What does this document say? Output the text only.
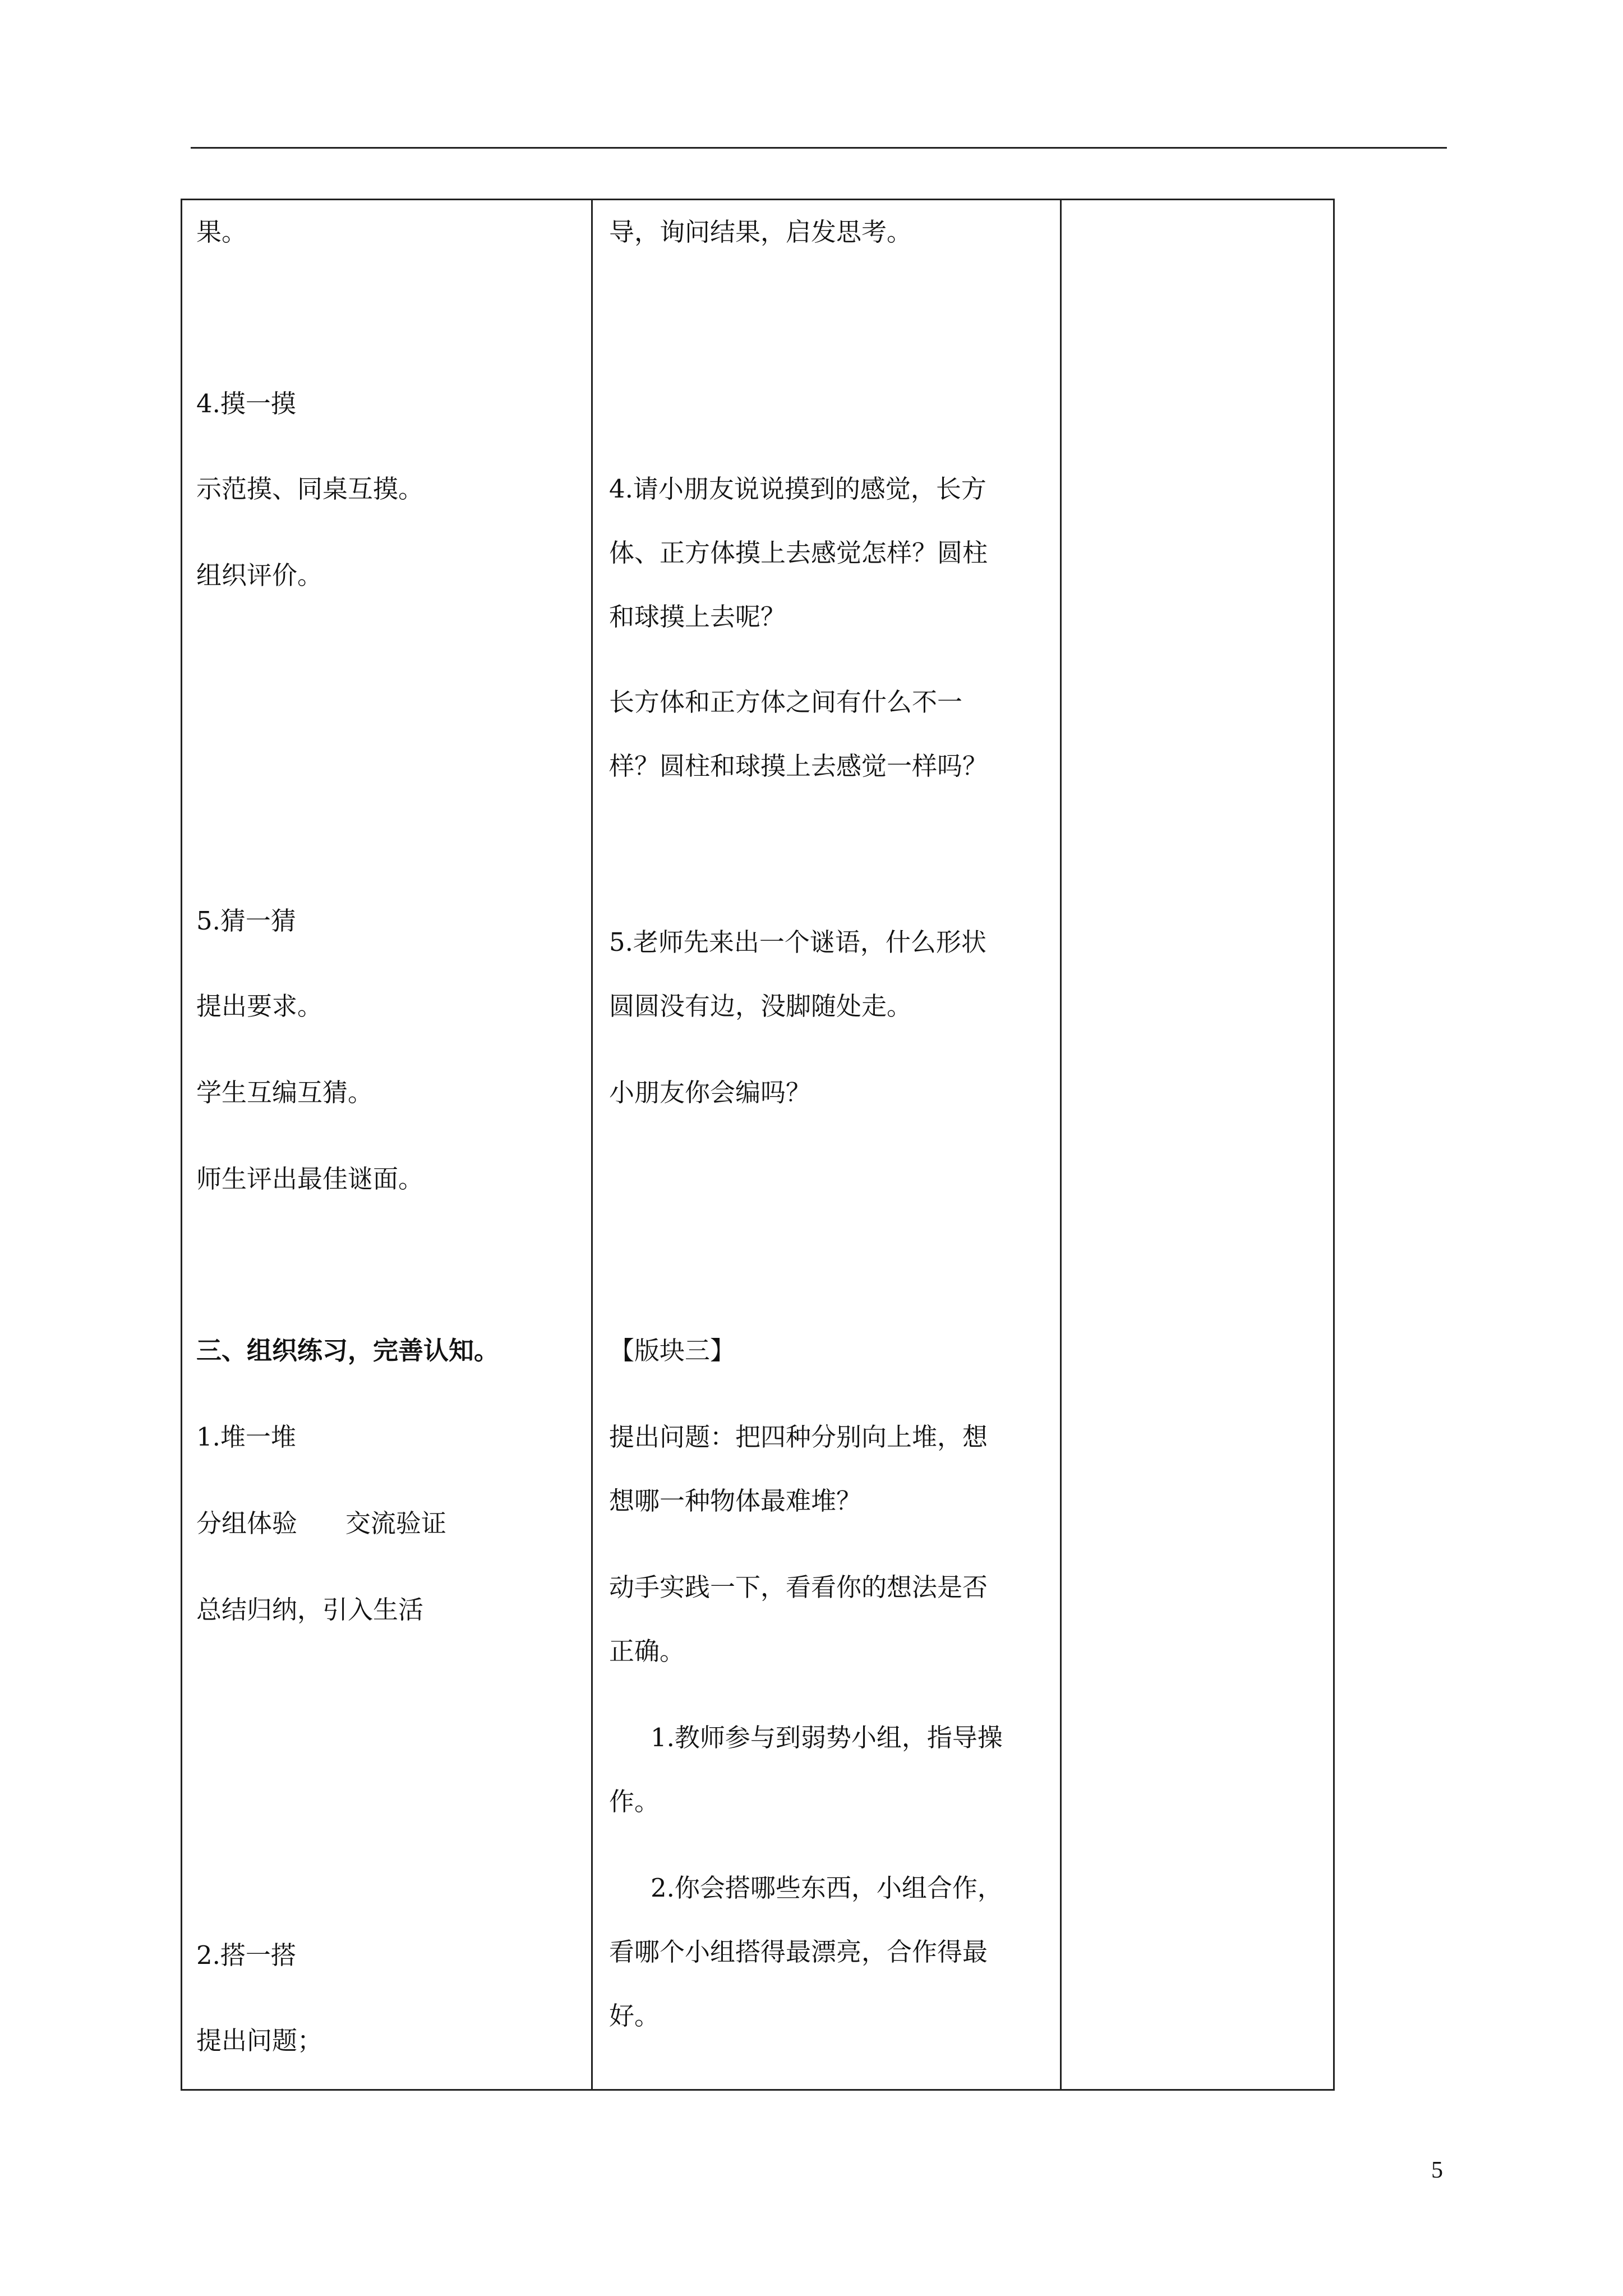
果。
4.摸一摸
示范摸、同桌互摸。
组织评价。
5.猜一猜
提出要求。
学生互编互猜。
师生评出最佳谜面。
三、组织练习，完善认知。
1.堆一堆
分组体验      交流验证
总结归纳，引入生活
2.搭一搭
提出问题；
导，询问结果，启发思考。
4.请小朋友说说摸到的感觉，长方
体、正方体摸上去感觉怎样？圆柱
和球摸上去呢？
长方体和正方体之间有什么不一
样？圆柱和球摸上去感觉一样吗？
5.老师先来出一个谜语，什么形状
圆圆没有边，没脚随处走。
小朋友你会编吗？
【版块三】
提出问题：把四种分别向上堆，想
想哪一种物体最难堆？
动手实践一下，看看你的想法是否
正确。
1.教师参与到弱势小组，指导操
作。
2.你会搭哪些东西，小组合作，
看哪个小组搭得最漂亮，合作得最
好。
5
